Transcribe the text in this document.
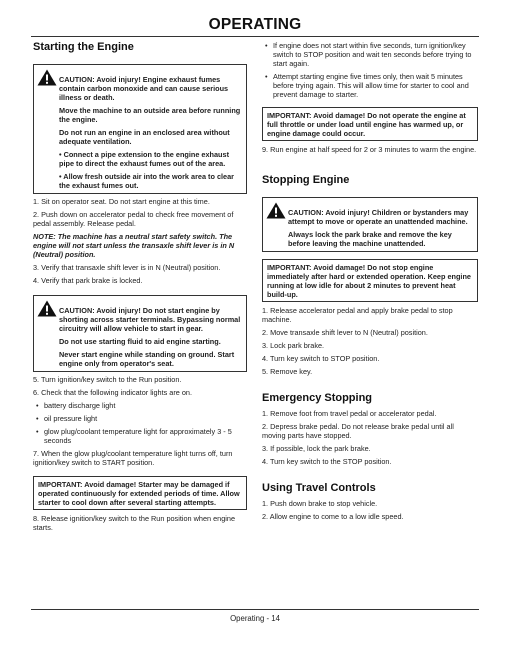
OPERATING
Starting the Engine
CAUTION: Avoid injury! Engine exhaust fumes contain carbon monoxide and can cause serious illness or death.

Move the machine to an outside area before running the engine.

Do not run an engine in an enclosed area without adequate ventilation.

• Connect a pipe extension to the engine exhaust pipe to direct the exhaust fumes out of the area.

• Allow fresh outside air into the work area to clear the exhaust fumes out.

1. Sit on operator seat. Do not start engine at this time.

2. Push down on accelerator pedal to check free movement of pedal assembly. Release pedal.

NOTE: The machine has a neutral start safety switch. The engine will not start unless the transaxle shift lever is in N (Neutral) position.

3. Verify that transaxle shift lever is in N (Neutral) position.

4. Verify that park brake is locked.

CAUTION: Avoid injury! Do not start engine by shorting across starter terminals. Bypassing normal circuitry will allow vehicle to start in gear.

Do not use starting fluid to aid engine starting.

Never start engine while standing on ground. Start engine only from operator's seat.

5. Turn ignition/key switch to the Run position.

6. Check that the following indicator lights are on.

• battery discharge light

• oil pressure light

• glow plug/coolant temperature light for approximately 3 - 5 seconds

7. When the glow plug/coolant temperature light turns off, turn ignition/key switch to START position.

IMPORTANT: Avoid damage! Starter may be damaged if operated continuously for extended periods of time. Allow starter to cool down after several starting attempts.

8. Release ignition/key switch to the Run position when engine starts.

• If engine does not start within five seconds, turn ignition/key switch to STOP position and wait ten seconds before trying to start again.

• Attempt starting engine five times only, then wait 5 minutes before trying again. This will allow time for starter to cool and prevent damage to starter.

IMPORTANT: Avoid damage! Do not operate the engine at full throttle or under load until engine has warmed up, or engine damage could occur.

9. Run engine at half speed for 2 or 3 minutes to warm the engine.

Stopping Engine
CAUTION: Avoid injury! Children or bystanders may attempt to move or operate an unattended machine.

Always lock the park brake and remove the key before leaving the machine unattended.

IMPORTANT: Avoid damage! Do not stop engine immediately after hard or extended operation. Keep engine running at low idle for about 2 minutes to prevent heat build-up.

1. Release accelerator pedal and apply brake pedal to stop machine.

2. Move transaxle shift lever to N (Neutral) position.

3. Lock park brake.

4. Turn key switch to STOP position.

5. Remove key.

Emergency Stopping

1. Remove foot from travel pedal or accelerator pedal.

2. Depress brake pedal. Do not release brake pedal until all moving parts have stopped.

3. If possible, lock the park brake.

4. Turn key switch to the STOP position.

Using Travel Controls

1. Push down brake to stop vehicle.

2. Allow engine to come to a low idle speed.

Operating - 14
